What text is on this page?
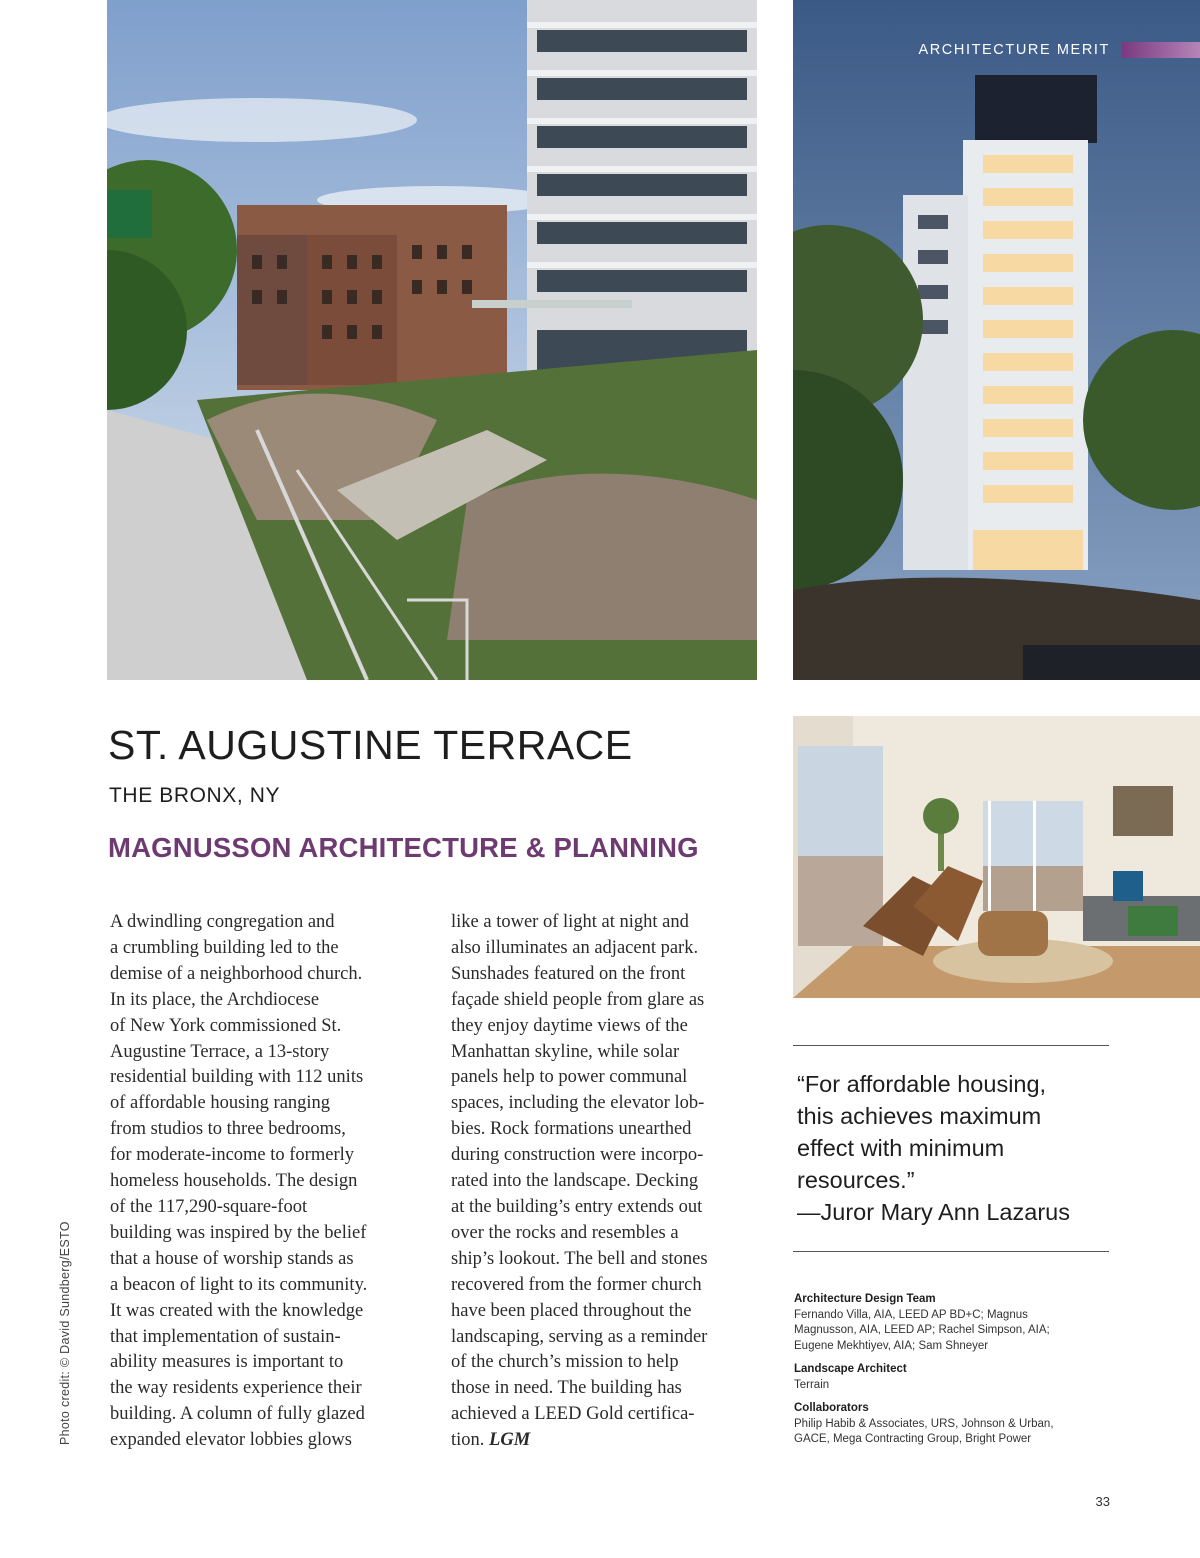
ARCHITECTURE MERIT
ST. AUGUSTINE TERRACE
THE BRONX, NY
MAGNUSSON ARCHITECTURE & PLANNING
A dwindling congregation and
a crumbling building led to the
demise of a neighborhood church.
In its place, the Archdiocese
of New York commissioned St.
Augustine Terrace, a 13-story
residential building with 112 units
of affordable housing ranging
from studios to three bedrooms,
for moderate-income to formerly
homeless households. The design
of the 117,290-square-foot
building was inspired by the belief
that a house of worship stands as
a beacon of light to its community.
It was created with the knowledge
that implementation of sustain-
ability measures is important to
the way residents experience their
building. A column of fully glazed
expanded elevator lobbies glows
like a tower of light at night and
also illuminates an adjacent park.
Sunshades featured on the front
façade shield people from glare as
they enjoy daytime views of the
Manhattan skyline, while solar
panels help to power communal
spaces, including the elevator lob-
bies. Rock formations unearthed
during construction were incorpo-
rated into the landscape. Decking
at the building’s entry extends out
over the rocks and resembles a
ship’s lookout. The bell and stones
recovered from the former church
have been placed throughout the
landscaping, serving as a reminder
of the church’s mission to help
those in need. The building has
achieved a LEED Gold certifica-
tion. LGM
Photo credit: © David Sundberg/ESTO
“For affordable housing,
this achieves maximum
effect with minimum
resources.”
—Juror Mary Ann Lazarus
Architecture Design Team
Fernando Villa, AIA, LEED AP BD+C; Magnus
Magnusson, AIA, LEED AP; Rachel Simpson, AIA;
Eugene Mekhtiyev, AIA; Sam Shneyer
Landscape Architect
Terrain
Collaborators
Philip Habib & Associates, URS, Johnson & Urban,
GACE, Mega Contracting Group, Bright Power
33
